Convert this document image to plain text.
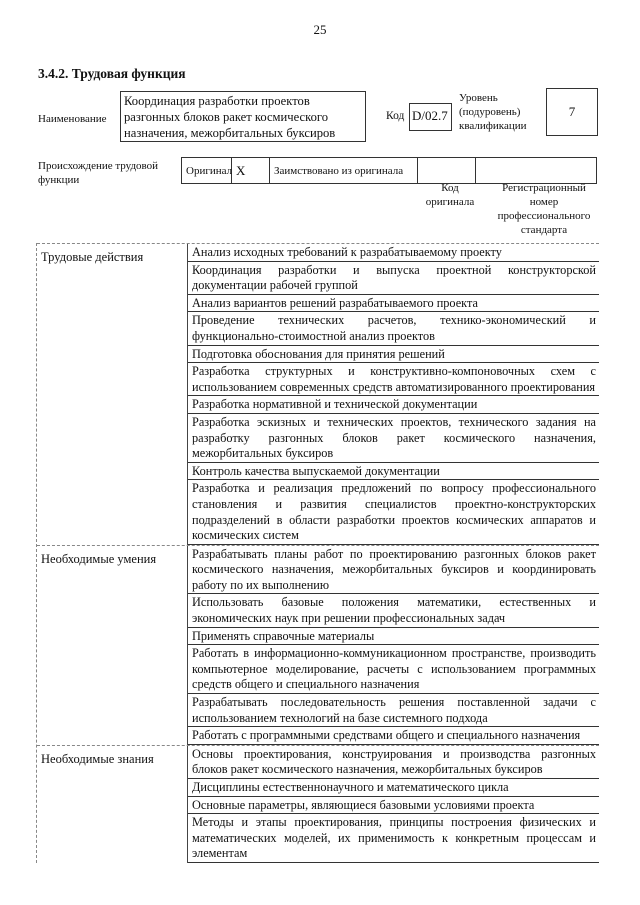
25
3.4.2. Трудовая функция
Наименование
Координация разработки проектов разгонных блоков ракет космического назначения, межорбитальных буксиров
Код D/02.7
Уровень (подуровень) квалификации
7
Происхождение трудовой функции
Оригинал X	Заимствовано из оригинала
Код оригинала
Регистрационный номер профессионального стандарта
Трудовые действия	Анализ исходных требований к разрабатываемому проекту
Координация разработки и выпуска проектной конструкторской документации рабочей группой
Анализ вариантов решений разрабатываемого проекта
Проведение технических расчетов, технико-экономический и функционально-стоимостной анализ проектов
Подготовка обоснования для принятия решений
Разработка структурных и конструктивно-компоновочных схем с использованием современных средств автоматизированного проектирования
Разработка нормативной и технической документации
Разработка эскизных и технических проектов, технического задания на разработку разгонных блоков ракет космического назначения, межорбитальных буксиров
Контроль качества выпускаемой документации
Разработка и реализация предложений по вопросу профессионального становления и развития специалистов проектно-конструкторских подразделений в области разработки проектов космических аппаратов и космических систем
Необходимые умения	Разрабатывать планы работ по проектированию разгонных блоков ракет космического назначения, межорбитальных буксиров и координировать работу по их выполнению
Использовать базовые положения математики, естественных и экономических наук при решении профессиональных задач
Применять справочные материалы
Работать в информационно-коммуникационном пространстве, производить компьютерное моделирование, расчеты с использованием программных средств общего и специального назначения
Разрабатывать последовательность решения поставленной задачи с использованием технологий на базе системного подхода
Работать с программными средствами общего и специального назначения
Необходимые знания	Основы проектирования, конструирования и производства разгонных блоков ракет космического назначения, межорбитальных буксиров
Дисциплины естественнонаучного и математического цикла
Основные параметры, являющиеся базовыми условиями проекта
Методы и этапы проектирования, принципы построения физических и математических моделей, их применимость к конкретным процессам и элементам
